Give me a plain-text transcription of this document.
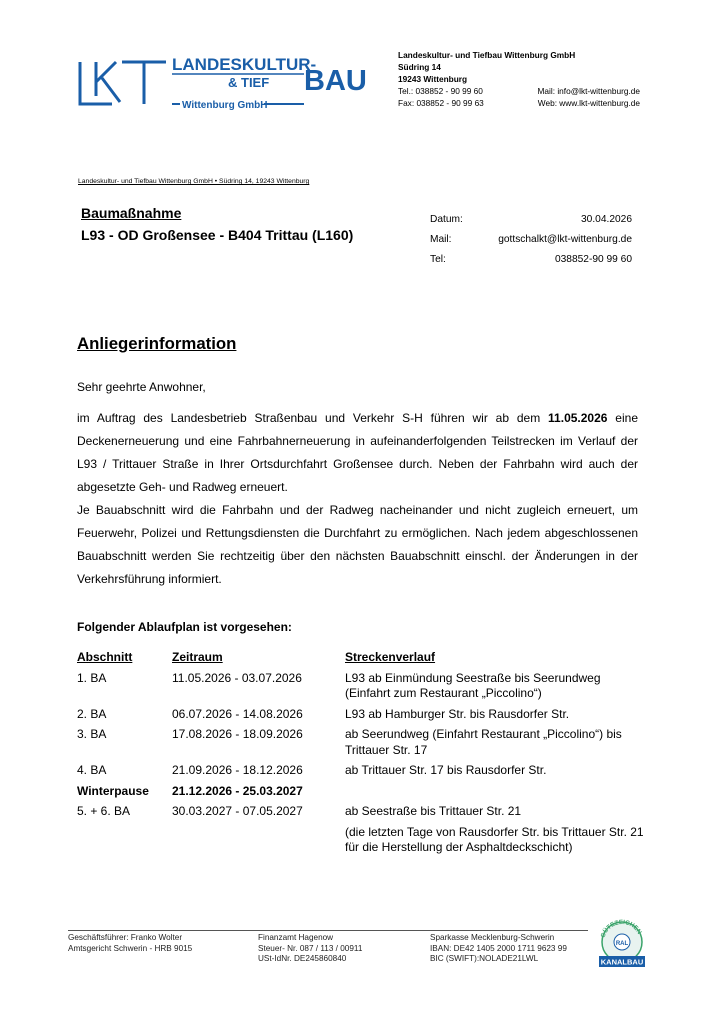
LANDESKULTUR-
& TIEF BAU
Wittenburg GmbH
Landeskultur- und Tiefbau Wittenburg GmbH
Südring 14
19243 Wittenburg
Tel.: 038852 - 90 99 60	Mail: info@lkt-wittenburg.de
Fax: 038852 - 90 99 63	Web: www.lkt-wittenburg.de
Landeskultur- und Tiefbau Wittenburg GmbH • Südring 14, 19243 Wittenburg
Baumaßnahme
L93 - OD Großensee - B404 Trittau (L160)
Datum:	30.04.2026
Mail:	gottschalkt@lkt-wittenburg.de
Tel:	038852-90 99 60
Anliegerinformation
Sehr geehrte Anwohner,

im Auftrag des Landesbetrieb Straßenbau und Verkehr S-H führen wir ab dem 11.05.2026 eine Deckenerneuerung und eine Fahrbahnerneuerung in aufeinanderfolgenden Teilstrecken im Verlauf der L93 / Trittauer Straße in Ihrer Ortsdurchfahrt Großensee durch. Neben der Fahrbahn wird auch der abgesetzte Geh- und Radweg erneuert.

Je Bauabschnitt wird die Fahrbahn und der Radweg nacheinander und nicht zugleich erneuert, um Feuerwehr, Polizei und Rettungsdiensten die Durchfahrt zu ermöglichen. Nach jedem abgeschlossenen Bauabschnitt werden Sie rechtzeitig über den nächsten Bauabschnitt einschl. der Änderungen in der Verkehrsführung informiert.

Folgender Ablaufplan ist vorgesehen:
Abschnitt	Zeitraum	Streckenverlauf
1. BA	11.05.2026 - 03.07.2026	L93 ab Einmündung Seestraße bis Seerundweg (Einfahrt zum Restaurant „Piccolino“)
2. BA	06.07.2026 - 14.08.2026	L93 ab Hamburger Str. bis Rausdorfer Str.
3. BA	17.08.2026 - 18.09.2026	ab Seerundweg (Einfahrt Restaurant „Piccolino“) bis Trittauer Str. 17
4. BA	21.09.2026 - 18.12.2026	ab Trittauer Str. 17 bis Rausdorfer Str.
Winterpause	21.12.2026 - 25.03.2027	
5. + 6. BA	30.03.2027 - 07.05.2027	ab Seestraße bis Trittauer Str. 21
		(die letzten Tage von Rausdorfer Str. bis Trittauer Str. 21 für die Herstellung der Asphaltdeckschicht)
Geschäftsführer: Franko Wolter
Amtsgericht Schwerin - HRB 9015
Finanzamt Hagenow
Steuer- Nr. 087 / 113 / 00911
USt-IdNr. DE245860840
Sparkasse Mecklenburg-Schwerin
IBAN: DE42 1405 2000 1711 9623 99
BIC (SWIFT):NOLADE21LWL
GÜTEZEICHEN
RAL
KANALBAU
